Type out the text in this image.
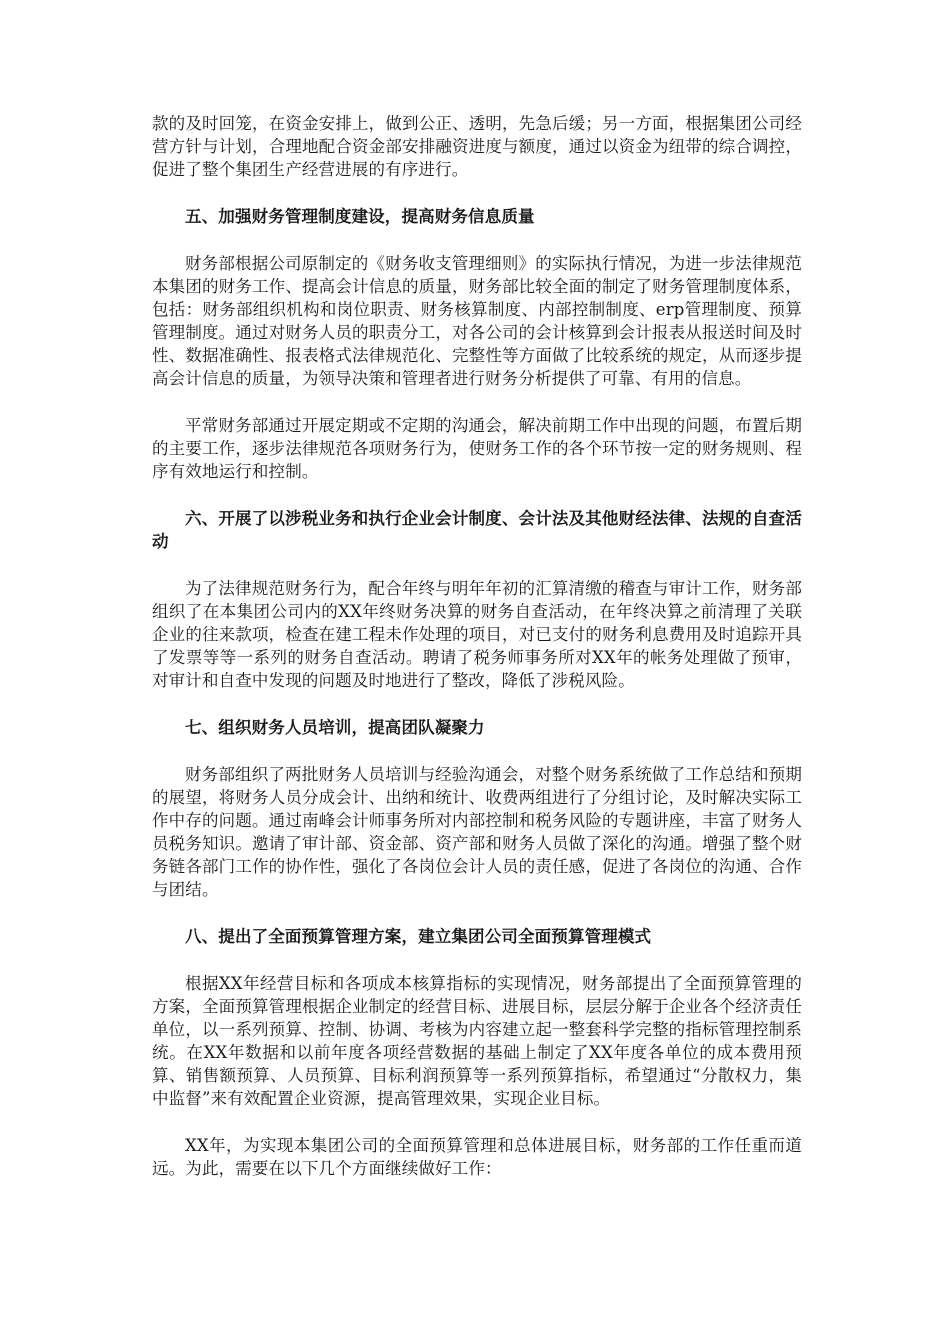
款的及时回笼，在资金安排上，做到公正、透明，先急后缓；另一方面，根据集团公司经营方针与计划，合理地配合资金部安排融资进度与额度，通过以资金为纽带的综合调控，促进了整个集团生产经营进展的有序进行。

五、加强财务管理制度建设，提高财务信息质量

财务部根据公司原制定的《财务收支管理细则》的实际执行情况，为进一步法律规范本集团的财务工作、提高会计信息的质量，财务部比较全面的制定了财务管理制度体系，包括：财务部组织机构和岗位职责、财务核算制度、内部控制制度、erp管理制度、预算管理制度。通过对财务人员的职责分工，对各公司的会计核算到会计报表从报送时间及时性、数据准确性、报表格式法律规范化、完整性等方面做了比较系统的规定，从而逐步提高会计信息的质量，为领导决策和管理者进行财务分析提供了可靠、有用的信息。

平常财务部通过开展定期或不定期的沟通会，解决前期工作中出现的问题，布置后期的主要工作，逐步法律规范各项财务行为，使财务工作的各个环节按一定的财务规则、程序有效地运行和控制。

六、开展了以涉税业务和执行企业会计制度、会计法及其他财经法律、法规的自查活动

为了法律规范财务行为，配合年终与明年年初的汇算清缴的稽查与审计工作，财务部组织了在本集团公司内的XX年终财务决算的财务自查活动，在年终决算之前清理了关联企业的往来款项，检查在建工程未作处理的项目，对已支付的财务利息费用及时追踪开具了发票等等一系列的财务自查活动。聘请了税务师事务所对XX年的帐务处理做了预审，对审计和自查中发现的问题及时地进行了整改，降低了涉税风险。

七、组织财务人员培训，提高团队凝聚力

财务部组织了两批财务人员培训与经验沟通会，对整个财务系统做了工作总结和预期的展望，将财务人员分成会计、出纳和统计、收费两组进行了分组讨论，及时解决实际工作中存的问题。通过南峰会计师事务所对内部控制和税务风险的专题讲座，丰富了财务人员税务知识。邀请了审计部、资金部、资产部和财务人员做了深化的沟通。增强了整个财务链各部门工作的协作性，强化了各岗位会计人员的责任感，促进了各岗位的沟通、合作与团结。

八、提出了全面预算管理方案，建立集团公司全面预算管理模式

根据XX年经营目标和各项成本核算指标的实现情况，财务部提出了全面预算管理的方案，全面预算管理根据企业制定的经营目标、进展目标，层层分解于企业各个经济责任单位，以一系列预算、控制、协调、考核为内容建立起一整套科学完整的指标管理控制系统。在XX年数据和以前年度各项经营数据的基础上制定了XX年度各单位的成本费用预算、销售额预算、人员预算、目标利润预算等一系列预算指标，希望通过“分散权力，集中监督”来有效配置企业资源，提高管理效果，实现企业目标。

XX年，为实现本集团公司的全面预算管理和总体进展目标，财务部的工作任重而道远。为此，需要在以下几个方面继续做好工作：
